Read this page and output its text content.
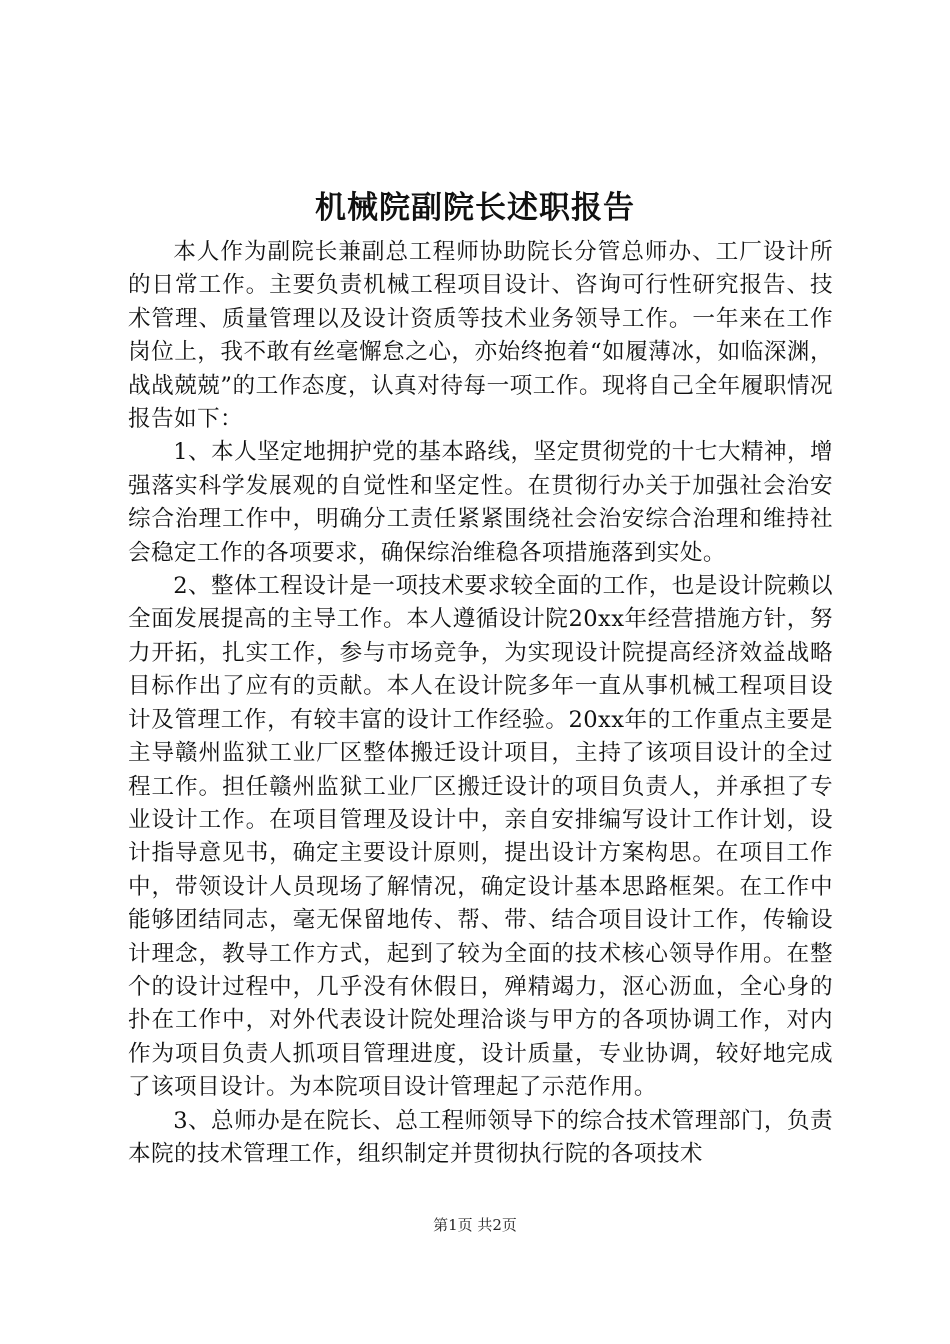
机械院副院长述职报告

本人作为副院长兼副总工程师协助院长分管总师办、工厂设计所的日常工作。主要负责机械工程项目设计、咨询可行性研究报告、技术管理、质量管理以及设计资质等技术业务领导工作。一年来在工作岗位上，我不敢有丝毫懈怠之心，亦始终抱着“如履薄冰，如临深渊，战战兢兢”的工作态度，认真对待每一项工作。现将自己全年履职情况报告如下：

1、本人坚定地拥护党的基本路线，坚定贯彻党的十七大精神，增强落实科学发展观的自觉性和坚定性。在贯彻行办关于加强社会治安综合治理工作中，明确分工责任紧紧围绕社会治安综合治理和维持社会稳定工作的各项要求，确保综治维稳各项措施落到实处。

2、整体工程设计是一项技术要求较全面的工作，也是设计院赖以全面发展提高的主导工作。本人遵循设计院20xx年经营措施方针，努力开拓，扎实工作，参与市场竞争，为实现设计院提高经济效益战略目标作出了应有的贡献。本人在设计院多年一直从事机械工程项目设计及管理工作，有较丰富的设计工作经验。20xx年的工作重点主要是主导赣州监狱工业厂区整体搬迁设计项目，主持了该项目设计的全过程工作。担任赣州监狱工业厂区搬迁设计的项目负责人，并承担了专业设计工作。在项目管理及设计中，亲自安排编写设计工作计划，设计指导意见书，确定主要设计原则，提出设计方案构思。在项目工作中，带领设计人员现场了解情况，确定设计基本思路框架。在工作中能够团结同志，毫无保留地传、帮、带、结合项目设计工作，传输设计理念，教导工作方式，起到了较为全面的技术核心领导作用。在整个的设计过程中，几乎没有休假日，殚精竭力，沤心沥血，全心身的扑在工作中，对外代表设计院处理洽谈与甲方的各项协调工作，对内作为项目负责人抓项目管理进度，设计质量，专业协调，较好地完成了该项目设计。为本院项目设计管理起了示范作用。

3、总师办是在院长、总工程师领导下的综合技术管理部门，负责本院的技术管理工作，组织制定并贯彻执行院的各项技术

第1页 共2页
